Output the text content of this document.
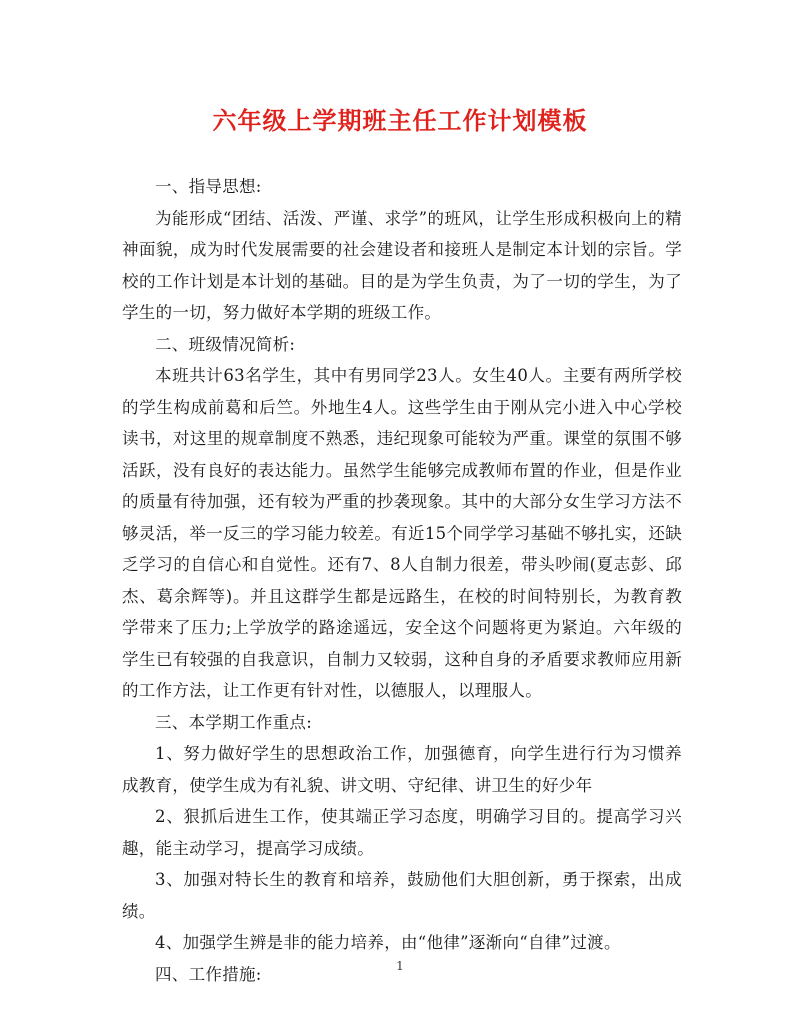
六年级上学期班主任工作计划模板

一、指导思想:

为能形成“团结、活泼、严谨、求学”的班风，让学生形成积极向上的精神面貌，成为时代发展需要的社会建设者和接班人是制定本计划的宗旨。学校的工作计划是本计划的基础。目的是为学生负责，为了一切的学生，为了学生的一切，努力做好本学期的班级工作。

二、班级情况简析:

本班共计63名学生，其中有男同学23人。女生40人。主要有两所学校的学生构成前葛和后竺。外地生4人。这些学生由于刚从完小进入中心学校读书，对这里的规章制度不熟悉，违纪现象可能较为严重。课堂的氛围不够活跃，没有良好的表达能力。虽然学生能够完成教师布置的作业，但是作业的质量有待加强，还有较为严重的抄袭现象。其中的大部分女生学习方法不够灵活，举一反三的学习能力较差。有近15个同学学习基础不够扎实，还缺乏学习的自信心和自觉性。还有7、8人自制力很差，带头吵闹(夏志彭、邱杰、葛余辉等)。并且这群学生都是远路生，在校的时间特别长，为教育教学带来了压力;上学放学的路途遥远，安全这个问题将更为紧迫。六年级的学生已有较强的自我意识，自制力又较弱，这种自身的矛盾要求教师应用新的工作方法，让工作更有针对性，以德服人，以理服人。

三、本学期工作重点:

1、努力做好学生的思想政治工作，加强德育，向学生进行行为习惯养成教育，使学生成为有礼貌、讲文明、守纪律、讲卫生的好少年

2、狠抓后进生工作，使其端正学习态度，明确学习目的。提高学习兴趣，能主动学习，提高学习成绩。

3、加强对特长生的教育和培养，鼓励他们大胆创新，勇于探索，出成绩。

4、加强学生辨是非的能力培养，由“他律”逐渐向“自律”过渡。

四、工作措施:	1
